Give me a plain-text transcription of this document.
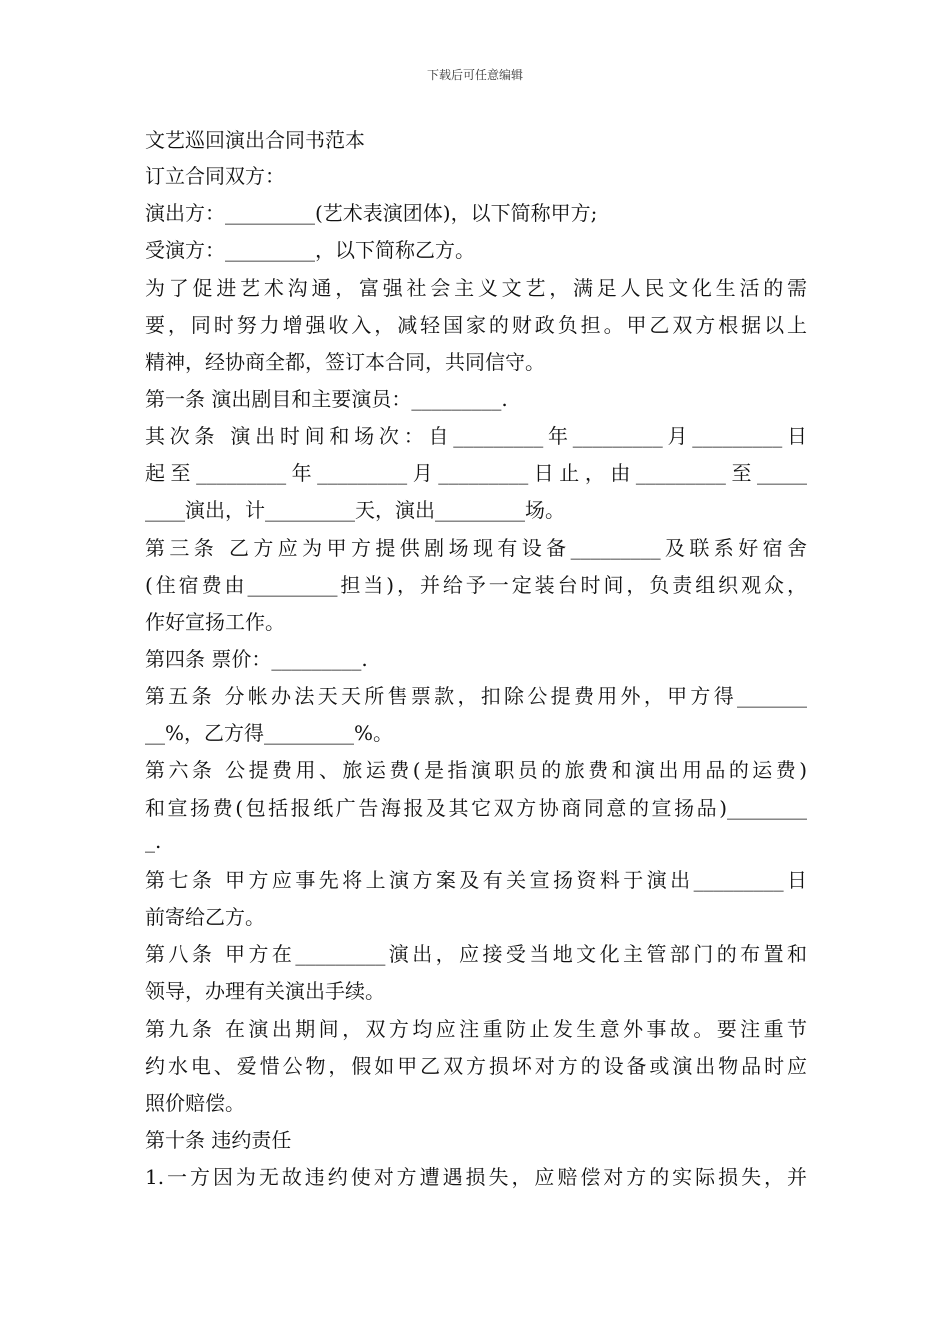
下载后可任意编辑
文艺巡回演出合同书范本
订立合同双方：
演出方：_________(艺术表演团体)，以下简称甲方;
受演方：_________，以下简称乙方。
为了促进艺术沟通，富强社会主义文艺，满足人民文化生活的需
要，同时努力增强收入，减轻国家的财政负担。甲乙双方根据以上
精神，经协商全都，签订本合同，共同信守。
第一条 演出剧目和主要演员：_________.
其次条 演出时间和场次：自_________年_________月_________日
起至_________年_________月_________日止，由_________至_____
____演出，计_________天，演出_________场。
第三条 乙方应为甲方提供剧场现有设备_________及联系好宿舍
(住宿费由_________担当)，并给予一定装台时间，负责组织观众，
作好宣扬工作。
第四条 票价：_________.
第五条 分帐办法天天所售票款，扣除公提费用外，甲方得_______
__%，乙方得_________%。
第六条 公提费用、旅运费(是指演职员的旅费和演出用品的运费)
和宣扬费(包括报纸广告海报及其它双方协商同意的宣扬品)________
_.
第七条 甲方应事先将上演方案及有关宣扬资料于演出_________日
前寄给乙方。
第八条 甲方在_________演出，应接受当地文化主管部门的布置和
领导，办理有关演出手续。
第九条 在演出期间，双方均应注重防止发生意外事故。要注重节
约水电、爱惜公物，假如甲乙双方损坏对方的设备或演出物品时应
照价赔偿。
第十条 违约责任
1.一方因为无故违约使对方遭遇损失，应赔偿对方的实际损失，并
